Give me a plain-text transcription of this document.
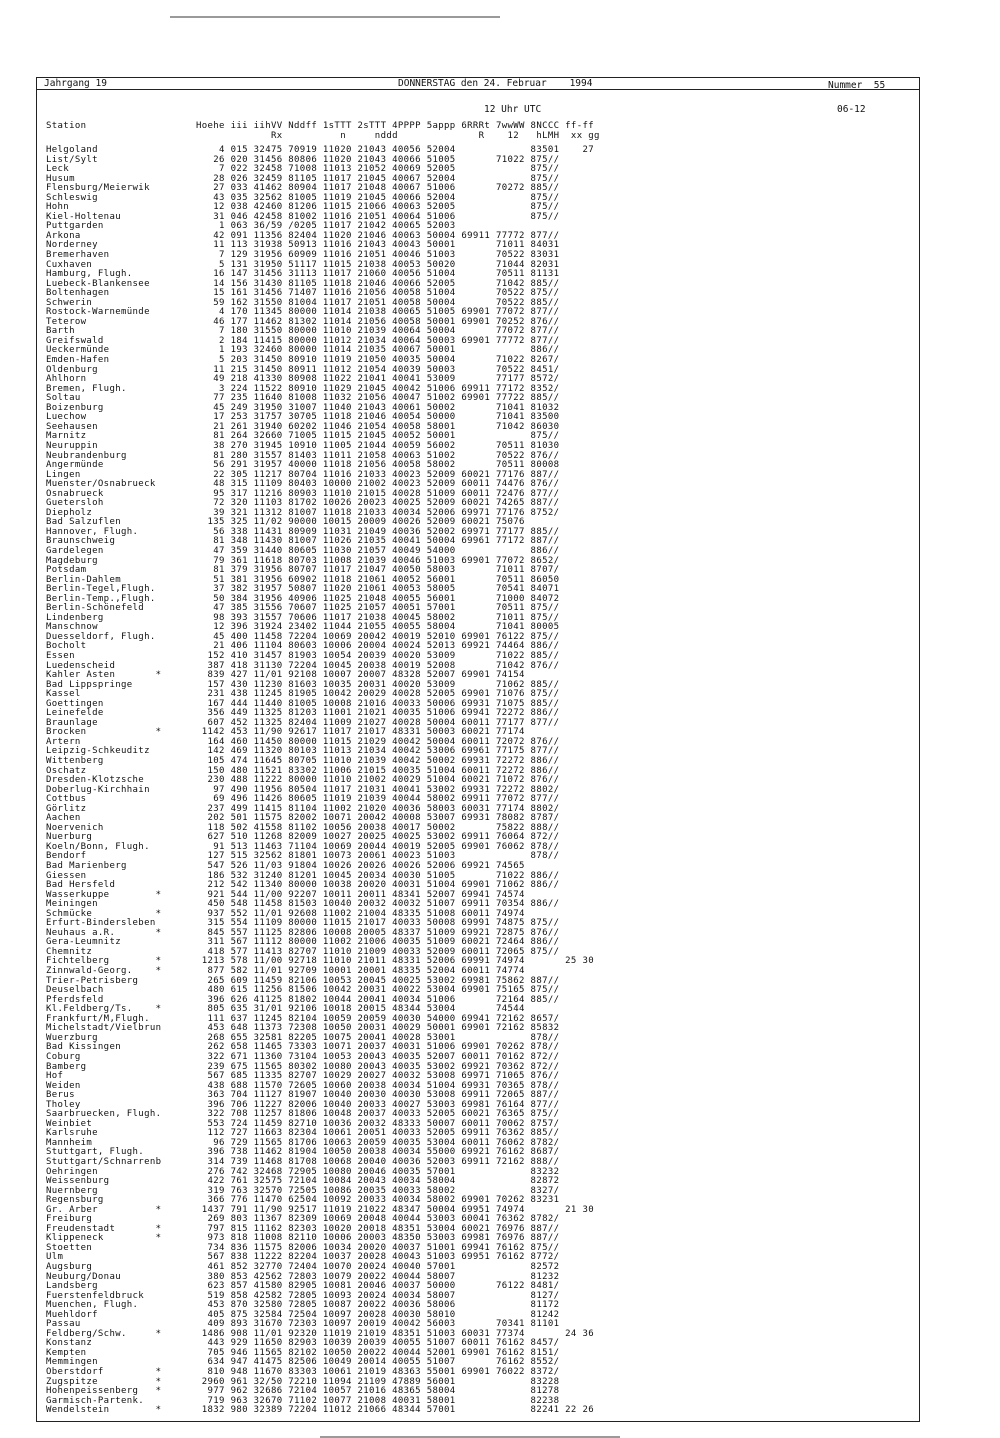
Jahrgang 19	DONNERSTAG den 24. Februar    1994	Nummer  55
12 Uhr UTC	06-12
Station                   Hoehe iii iihVV Nddff 1sTTT 2sTTT 4PPPP 5appp 6RRRt 7wwWW 8NCCC ff-ff
Rx          n     nddd              R    12   hLMH  xx gg
Helgoland                     4 015 32475 70919 11020 21043 40056 52004             83501    27
List/Sylt                    26 020 31456 80806 11020 21043 40066 51005       71022 875//
Leck                          7 022 32458 71008 11013 21052 40069 52005             875//
Husum                        28 026 32459 81105 11017 21045 40067 52004             875//
Flensburg/Meierwik           27 033 41462 80904 11017 21048 40067 51006       70272 885//
Schleswig                    43 035 32562 81005 11019 21045 40066 52004             875//
Hohn                         12 038 42460 81206 11015 21066 40063 52005             875//
Kiel-Holtenau                31 046 42458 81002 11016 21051 40064 51006             875//
Puttgarden                    1 063 36/59 /0205 11017 21042 40065 52003
Arkona                       42 091 11356 82404 11020 21046 40063 50004 69911 77772 877//
Norderney                    11 113 31938 50913 11016 21043 40043 50001       71011 84031
Bremerhaven                   7 129 31956 60909 11016 21051 40046 51003       70522 83031
Cuxhaven                      5 131 31950 51117 11015 21038 40053 50020       71044 82031
Hamburg, Flugh.              16 147 31456 31113 11017 21060 40056 51004       70511 81131
Luebeck-Blankensee           14 156 31430 81105 11018 21046 40066 52005       71042 885//
Boltenhagen                  15 161 31456 71407 11016 21056 40058 51004       70522 875//
Schwerin                     59 162 31550 81004 11017 21051 40058 50004       70522 885//
Rostock-Warnemünde            4 170 11345 80000 11014 21038 40065 51005 69901 77072 877//
Teterow                      46 177 11462 81302 11014 21056 40058 50001 69901 70252 876//
Barth                         7 180 31550 80000 11010 21039 40064 50004       77072 877//
Greifswald                    2 184 11415 80000 11012 21034 40064 50003 69901 77772 877//
Ueckermünde                   1 193 32460 80000 11014 21035 40067 50001             886//
Emden-Hafen                   5 203 31450 80910 11019 21050 40035 50004       71022 8267/
Oldenburg                    11 215 31450 80911 11012 21054 40039 50003       70522 8451/
Ahlhorn                      49 218 41330 80908 11022 21041 40041 53009       77177 8572/
Bremen, Flugh.                3 224 11522 80910 11029 21045 40042 51006 69911 77172 8352/
Soltau                       77 235 11640 81008 11032 21056 40047 51002 69901 77722 885//
Boizenburg                   45 249 31950 31007 11040 21043 40061 50002       71041 81032
Luechow                      17 253 31757 30705 11018 21046 40054 50000       71041 83500
Seehausen                    21 261 31940 60202 11046 21054 40058 58001       71042 86030
Marnitz                      81 264 32660 71005 11015 21045 40052 50001             875//
Neuruppin                    38 270 31945 10910 11005 21044 40059 56002       70511 81030
Neubrandenburg               81 280 31557 81403 11011 21058 40063 51002       70522 876//
Angermünde                   56 291 31957 40000 11018 21056 40058 58002       70511 80008
Lingen                       22 305 11217 80704 11016 21033 40023 52009 60021 77176 887//
Muenster/Osnabrueck          48 315 11109 80403 10000 21002 40023 52009 60011 74476 876//
Osnabrueck                   95 317 11216 80903 11010 21015 40028 51009 60011 72476 877//
Guetersloh                   72 320 11103 81702 10026 20023 40025 52009 60021 74265 887//
Diepholz                     39 321 11312 81007 11018 21033 40034 52006 69971 77176 8752/
Bad Salzuflen               135 325 11/02 90000 10015 20009 40026 52009 60021 75076
Hannover, Flugh.             56 338 11431 80909 11031 21049 40036 52002 69971 77177 885//
Braunschweig                 81 348 11430 81007 11026 21035 40041 50004 69961 77172 887//
Gardelegen                   47 359 31440 80605 11030 21057 40049 54000             886//
Magdeburg                    79 361 11618 80703 11008 21039 40046 51003 69901 77072 8652/
Potsdam                      81 379 31956 80707 11017 21047 40050 58003       71011 8707/
Berlin-Dahlem                51 381 31956 60902 11018 21061 40052 56001       70511 86050
Berlin-Tegel,Flugh.          37 382 31957 50807 11020 21061 40053 58005       70541 84071
Berlin-Temp.,Flugh.          50 384 31956 40906 11025 21048 40055 56001       71000 84072
Berlin-Schönefeld            47 385 31556 70607 11025 21057 40051 57001       70511 875//
Lindenberg                   98 393 31557 70606 11017 21038 40045 58002       71011 875//
Manschnow                    12 396 31924 23402 11044 21055 40055 58004       71041 80005
Duesseldorf, Flugh.          45 400 11458 72204 10069 20042 40019 52010 69901 76122 875//
Bocholt                      21 406 11104 80603 10006 20004 40024 52013 69921 74464 886//
Essen                       152 410 31457 81903 10054 20039 40020 53009       71022 885//
Luedenscheid                387 418 31130 72204 10045 20038 40019 52008       71042 876//
Kahler Asten       *        839 427 11/01 92108 10007 20007 48328 52007 69901 74154
Bad Lippspringe             157 430 11230 81603 10035 20031 40020 53009       71062 885//
Kassel                      231 438 11245 81905 10042 20029 40028 52005 69901 71076 875//
Goettingen                  167 444 11440 81005 10008 21016 40033 50006 69931 71075 885//
Leinefelde                  356 449 11325 81203 11001 21021 40035 51006 69941 72272 886//
Braunlage                   607 452 11325 82404 11009 21027 40028 50004 60011 77177 877//
Brocken            *       1142 453 11/90 92617 11017 21017 48331 50003 60021 77174
Artern                      164 460 11450 80000 11015 21029 40042 50004 60011 72072 876//
Leipzig-Schkeuditz          142 469 11320 80103 11013 21034 40042 53006 69961 77175 877//
Wittenberg                  105 474 11645 80705 11010 21039 40042 50002 69931 72272 886//
Oschatz                     150 480 11521 83302 11006 21015 40035 51004 60011 72272 886//
Dresden-Klotzsche           230 488 11222 80000 11010 21002 40029 51004 60021 71072 876//
Doberlug-Kirchhain           97 490 11956 80504 11017 21031 40041 53002 69931 72272 8802/
Cottbus                      69 496 11426 80605 11019 21039 40044 58002 69911 77072 877//
Görlitz                     237 499 11415 81104 11002 21020 40036 58003 60031 77174 8802/
Aachen                      202 501 11575 82002 10071 20042 40008 53007 69931 78082 8787/
Noervenich                  118 502 41558 81102 10056 20038 40017 50002       75822 888//
Nuerburg                    627 510 11268 82009 10027 20025 40025 53002 69911 76064 872//
Koeln/Bonn, Flugh.           91 513 11463 71104 10069 20044 40019 52005 69901 76062 878//
Bendorf                     127 515 32562 81801 10073 20061 40023 51003             878//
Bad Marienberg              547 526 11/03 91804 10026 20026 40026 52006 69921 74565
Giessen                     186 532 31240 81201 10045 20034 40030 51005       71022 886//
Bad Hersfeld                212 542 11340 80000 10038 20020 40031 51004 69901 71062 886//
Wasserkuppe        *        921 544 11/00 92207 10011 20011 48341 52007 69941 74574
Meiningen                   450 548 11458 81503 10040 20032 40032 51007 69911 70354 886//
Schmücke           *        937 552 11/01 92608 11002 21004 48335 51008 60011 74974
Erfurt-Bindersleben         315 554 11109 80000 11015 21017 40033 50008 69991 74875 875//
Neuhaus a.R.       *        845 557 11125 82806 10008 20005 48337 51009 69921 72875 876//
Gera-Leumnitz               311 567 11112 80000 11002 21006 40035 51009 60021 72464 886//
Chemnitz                    418 577 11413 82707 11010 21009 40033 52009 60011 72065 875//
Fichtelberg        *       1213 578 11/00 92718 11010 21011 48331 52006 69991 74974       25 30
Zinnwald-Georg.    *        877 582 11/01 92709 10001 20001 48335 52004 60011 74774
Trier-Petrisberg            265 609 11459 82106 10053 20045 40025 53002 69981 75862 887//
Deuselbach                  480 615 11256 81506 10042 20031 40022 53004 69901 75165 875//
Pferdsfeld                  396 626 41125 81802 10044 20041 40034 51006       72164 885//
Kl.Feldberg/Ts.    *        805 635 31/01 92106 10018 20015 48344 53004       74544
Frankfurt/M,Flugh.          111 637 11245 82104 10059 20059 40030 54000 69941 72162 8657/
Michelstadt/Vielbrun        453 648 11373 72308 10050 20031 40029 50001 69901 72162 85832
Wuerzburg                   268 655 32581 82205 10075 20041 40028 53001             878//
Bad Kissingen               262 658 11465 73303 10071 20037 40031 51006 69901 70262 878//
Coburg                      322 671 11360 73104 10053 20043 40035 52007 60011 70162 872//
Bamberg                     239 675 11565 80302 10080 20043 40035 53002 69921 70362 872//
Hof                         567 685 11335 82707 10029 20027 40032 53008 69971 71065 876//
Weiden                      438 688 11570 72605 10060 20038 40034 51004 69931 70365 878//
Berus                       363 704 11127 81907 10040 20030 40030 53008 69911 72065 887//
Tholey                      396 706 11227 82006 10040 20033 40027 53003 69981 76164 877//
Saarbruecken, Flugh.        322 708 11257 81806 10048 20037 40033 52005 60021 76365 875//
Weinbiet                    553 724 11459 82710 10036 20032 48333 50007 60011 70062 8757/
Karlsruhe                   112 727 11663 82304 10061 20051 40033 52005 69911 76362 885//
Mannheim                     96 729 11565 81706 10063 20059 40035 53004 60011 76062 8782/
Stuttgart, Flugh.           396 738 11462 81904 10050 20038 40034 55000 69921 76162 8687/
Stuttgart/Schnarrenb        314 739 11468 81708 10068 20040 40036 52003 69911 72162 888//
Oehringen                   276 742 32468 72905 10080 20046 40035 57001             83232
Weissenburg                 422 761 32575 72104 10084 20043 40034 58004             82872
Nuernberg                   319 763 32570 72505 10086 20035 40033 58002             8327/
Regensburg                  366 776 11470 62504 10092 20033 40034 58002 69901 70262 83231
Gr. Arber          *       1437 791 11/90 92517 11019 21022 48347 50004 69951 74974       21 30
Freiburg                    269 803 11367 82309 10069 20048 40044 53003 60041 76362 8782/
Freudenstadt       *        797 815 11162 82303 10020 20018 48351 53004 60021 76976 887//
Klippeneck         *        973 818 11008 82110 10006 20003 48350 53003 69981 76976 887//
Stoetten                    734 836 11575 82006 10034 20020 40037 51001 69941 76162 875//
Ulm                         567 838 11222 82204 10037 20028 40043 51003 69951 76162 8772/
Augsburg                    461 852 32770 72404 10070 20024 40040 57001             82572
Neuburg/Donau               380 853 42562 72803 10079 20022 40044 58007             81232
Landsberg                   623 857 41580 82905 10081 20046 40037 50000       76122 8481/
Fuerstenfeldbruck           519 858 42582 72805 10093 20024 40034 58007             8127/
Muenchen, Flugh.            453 870 32580 72805 10087 20022 40036 58006             81172
Muehldorf                   405 875 32584 72504 10097 20028 40030 58010             81242
Passau                      409 893 31670 72303 10097 20019 40042 56003       70341 81101
Feldberg/Schw.     *       1486 908 11/01 92320 11019 21019 48351 51003 60031 77374       24 36
Konstanz                    443 929 11650 82903 10039 20039 40055 51007 60011 76162 8457/
Kempten                     705 946 11565 82102 10050 20022 40044 52001 69901 76162 8151/
Memmingen                   634 947 41475 82506 10049 20014 40055 51007       76162 8552/
Oberstdorf         *        810 948 11670 83303 10061 21019 48363 55001 69901 76022 8372/
Zugspitze          *       2960 961 32/50 72210 11094 21109 47889 56001             83228
Hohenpeissenberg   *        977 962 32686 72104 10057 21016 48365 58004             81278
Garmisch-Partenk.           719 963 32670 71102 10077 21008 40031 58001             82238
Wendelstein        *       1832 980 32389 72204 11012 21066 48344 57001             82241 22 26
